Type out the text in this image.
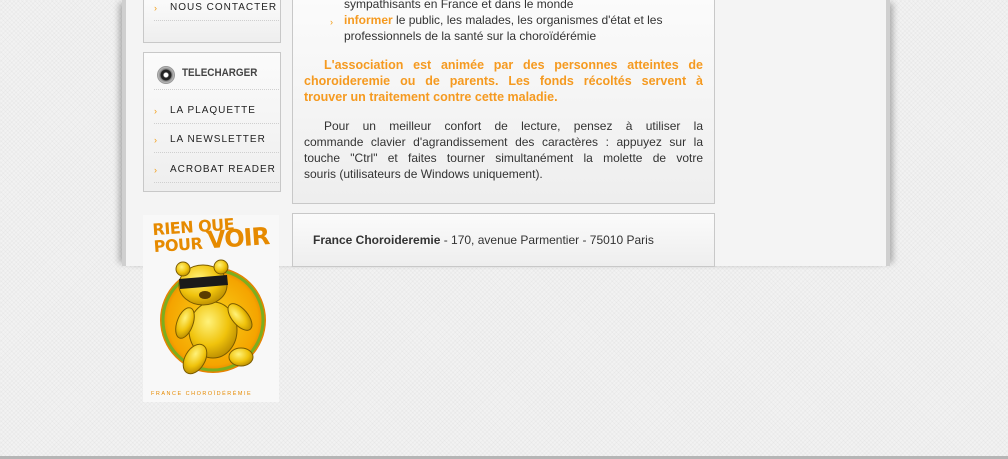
› NOUS CONTACTER
TELECHARGER
› LA PLAQUETTE
› LA NEWSLETTER
› ACROBAT READER
RIEN QUE
POUR VOIR
FRANCE CHOROÏDÉRÉMIE
sympathisants en France et dans le monde
› informer le public, les malades, les organismes d'état et les
professionnels de la santé sur la choroïdérémie
L'association est animée par des personnes atteintes de
choroideremie ou de parents. Les fonds récoltés servent à
trouver un traitement contre cette maladie.
Pour un meilleur confort de lecture, pensez à utiliser la
commande clavier d'agrandissement des caractères : appuyez sur la
touche "Ctrl" et faites tourner simultanément la molette de votre
souris (utilisateurs de Windows uniquement).
France Choroideremie - 170, avenue Parmentier - 75010 Paris
